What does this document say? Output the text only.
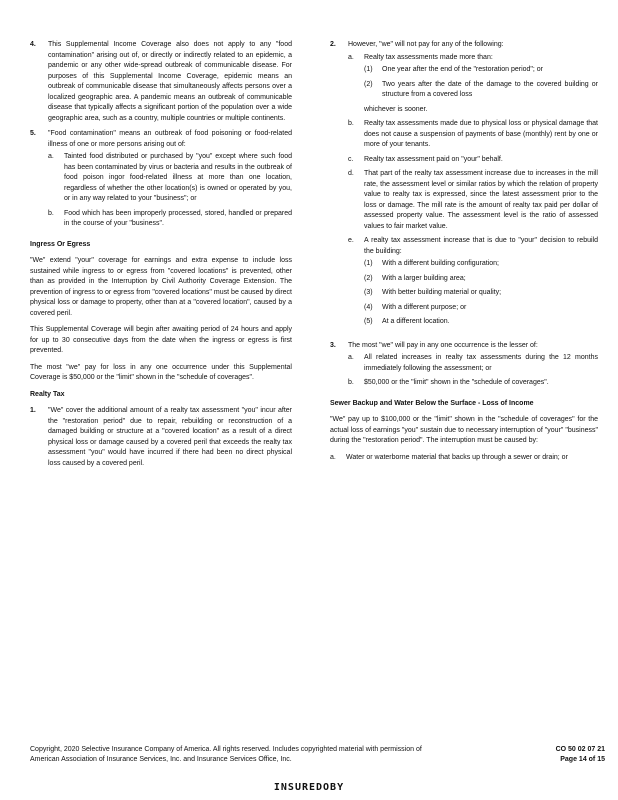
4.	This Supplemental Income Coverage also does not apply to any "food contamination" arising out of, or directly or indirectly related to an epidemic, a pandemic or any other wide-spread outbreak of communicable disease. For purposes of this Supplemental Income Coverage, epidemic means an outbreak of communicable disease that simultaneously affects persons over a localized geographic area. A pandemic means an outbreak of communicable disease that typically affects a significant portion of the population over a wide geographic area, such as a country, multiple countries or multiple continents.
5.	"Food contamination" means an outbreak of food poisoning or food-related illness of one or more persons arising out of:
a.	Tainted food distributed or purchased by "you" except where such food has been contaminated by virus or bacteria and results in the outbreak of food poison ingor food-related illness at more than one location, regardless of whether the other location(s) is owned or operated by you, or in any way related to your "business"; or
b.	Food which has been improperly processed, stored, handled or prepared in the course of your "business".
Ingress Or Egress

"We" extend "your" coverage for earnings and extra expense to include loss sustained while ingress to or egress from "covered locations" is prevented, other than as provided in the Interruption by Civil Authority Coverage Extension. The prevention of ingress to or egress from "covered locations" must be caused by direct physical loss or damage to property, other than at a "covered location", caused by a covered peril.

This Supplemental Coverage will begin after awaiting period of 24 hours and apply for up to 30 consecutive days from the date when the ingress or egress is first prevented.

The most "we" pay for loss in any one occurrence under this Supplemental Coverage is $50,000 or the "limit" shown in the "schedule of coverages".

Realty Tax
1.	"We" cover the additional amount of a realty tax assessment "you" incur after the "restoration period" due to repair, rebuilding or reconstruction of a damaged building or structure at a "covered location" as a result of a direct physical loss or damage caused by a covered peril that exceeds the realty tax assessment "you" would have incurred if there had been no direct physical loss caused by a covered peril.
2.	However, "we" will not pay for any of the following:
a.	Realty tax assessments made more than:
(1)	One year after the end of the "restoration period"; or
(2)	Two years after the date of the damage to the covered building or structure from a covered loss
whichever is sooner.
b.	Realty tax assessments made due to physical loss or physical damage that does not cause a suspension of payments of base (monthly) rent by one or more of your tenants.
c.	Realty tax assessment paid on "your" behalf.
d.	That part of the realty tax assessment increase due to increases in the mill rate, the assessment level or similar ratios by which the relation of property value to realty tax is expressed, since the latest assessment prior to the loss or damage. The mill rate is the amount of realty tax paid per dollar of assessed property value. The assessment level is the ratio of assessed values to fair market value.
e.	A realty tax assessment increase that is due to "your" decision to rebuild the building:
(1)	With a different building configuration;
(2)	With a larger building area;
(3)	With better building material or quality;
(4)	With a different purpose; or
(5)	At a different location.
3.	The most "we" will pay in any one occurrence is the lesser of:
a.	All related increases in realty tax assessments during the 12 months immediately following the assessment; or
b.	$50,000 or the "limit" shown in the "schedule of coverages".
Sewer Backup and Water Below the Surface - Loss of Income

"We" pay up to $100,000 or the "limit" shown in the "schedule of coverages" for the actual loss of earnings "you" sustain due to necessary interruption of "your" "business" during the "restoration period". The interruption must be caused by:

a.	Water or waterborne material that backs up through a sewer or drain; or
Copyright, 2020 Selective Insurance Company of America. All rights reserved. Includes copyrighted material with permission of American Association of Insurance Services, Inc. and Insurance Services Office, Inc.
CO 50 02 07 21
Page 14 of 15
INSUREDOBY
